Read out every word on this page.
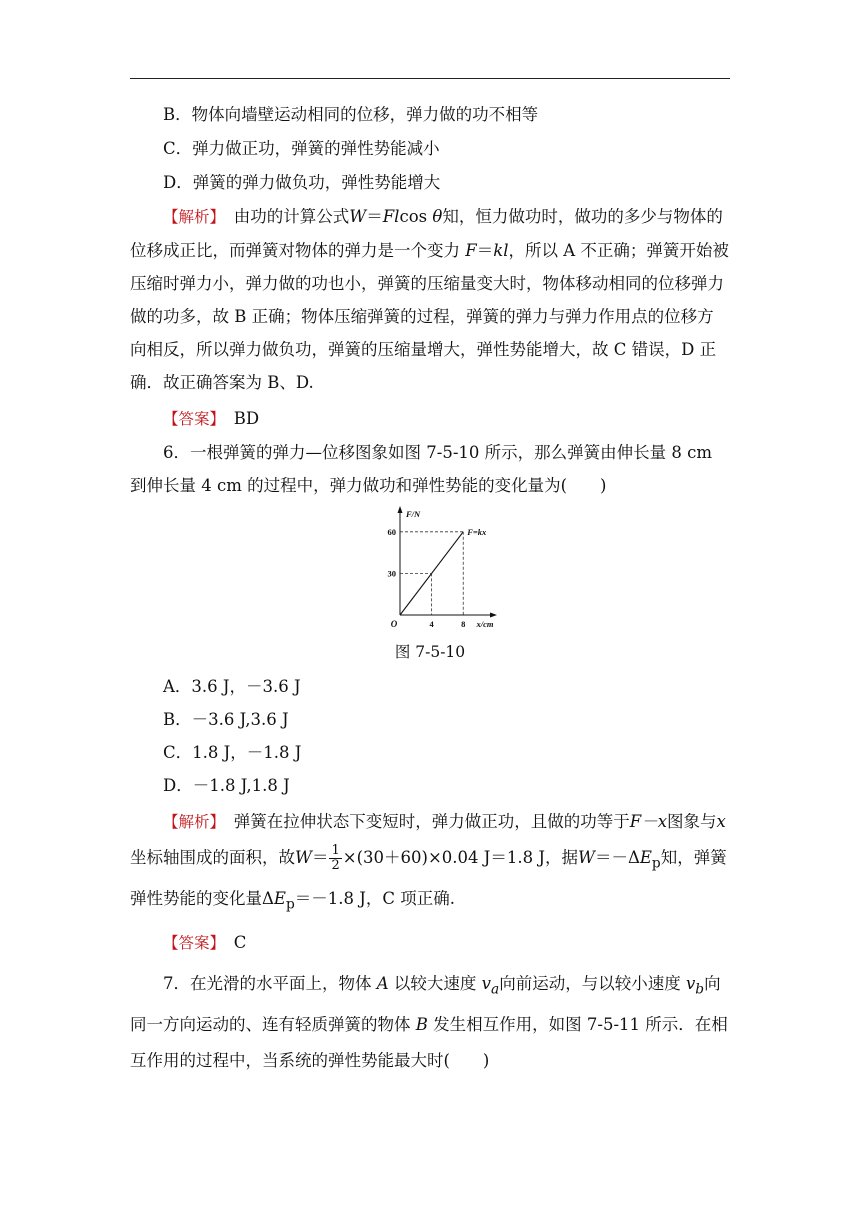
B．物体向墙壁运动相同的位移，弹力做的功不相等
C．弹力做正功，弹簧的弹性势能减小
D．弹簧的弹力做负功，弹性势能增大
【解析】　 由功的计算公式W＝Flcos θ知，恒力做功时，做功的多少与物体的位移成正比，而弹簧对物体的弹力是一个变力 F＝kl，所以 A 不正确；弹簧开始被压缩时弹力小，弹力做的功也小，弹簧的压缩量变大时，物体移动相同的位移弹力做的功多，故 B 正确；物体压缩弹簧的过程，弹簧的弹力与弹力作用点的位移方向相反，所以弹力做负功，弹簧的压缩量增大，弹性势能增大，故 C 错误，D 正确．故正确答案为 B、D.
【答案】　 BD
6．一根弹簧的弹力—位移图象如图 7-5-10 所示，那么弹簧由伸长量 8 cm 到伸长量 4 cm 的过程中，弹力做功和弹性势能的变化量为(　　)
F/N
x/cm
O
F=kx
4
30
8
60
图 7-5-10
A．3.6 J，－3.6 J
B．－3.6 J,3.6 J
C．1.8 J，－1.8 J
D．－1.8 J,1.8 J
【解析】　 弹簧在拉伸状态下变短时，弹力做正功，且做的功等于F－x图象与x坐标轴围成的面积，故$W= \frac{1}{2} \times(30+60)\times 0.04$ J＝1.8 J，据$W=-\Delta E_p$知，弹簧弹性势能的变化量$\Delta E_p=-1.8$ J，C 项正确.
【答案】　 C
7．在光滑的水平面上，物体 A 以较大速度 $v_a$向前运动，与以较小速度 $v_b$向同一方向运动的、连有轻质弹簧的物体 B 发生相互作用，如图 7-5-11 所示．在相互作用的过程中，当系统的弹性势能最大时(　　)
